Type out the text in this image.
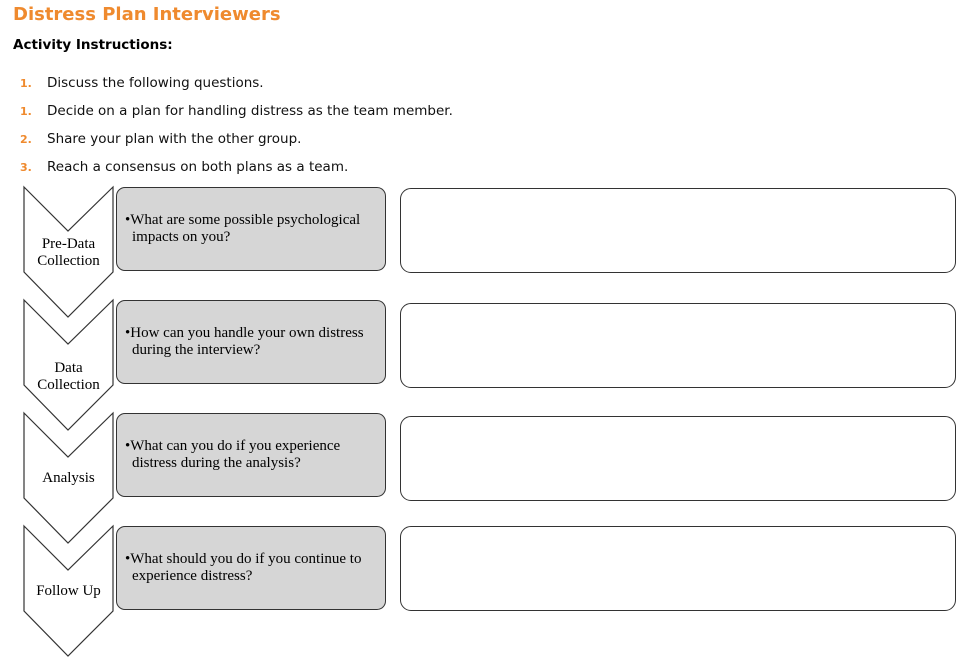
Distress Plan Interviewers
Activity Instructions:
1. Discuss the following questions.
1. Decide on a plan for handling distress as the team member.
2. Share your plan with the other group.
3. Reach a consensus on both plans as a team.
Pre-Data
Collection
Data
Collection
Analysis
Follow Up
•What are some possible psychological impacts on you?
•How can you handle your own distress during the interview?
•What can you do if you experience distress during the analysis?
•What should you do if you continue to experience distress?
